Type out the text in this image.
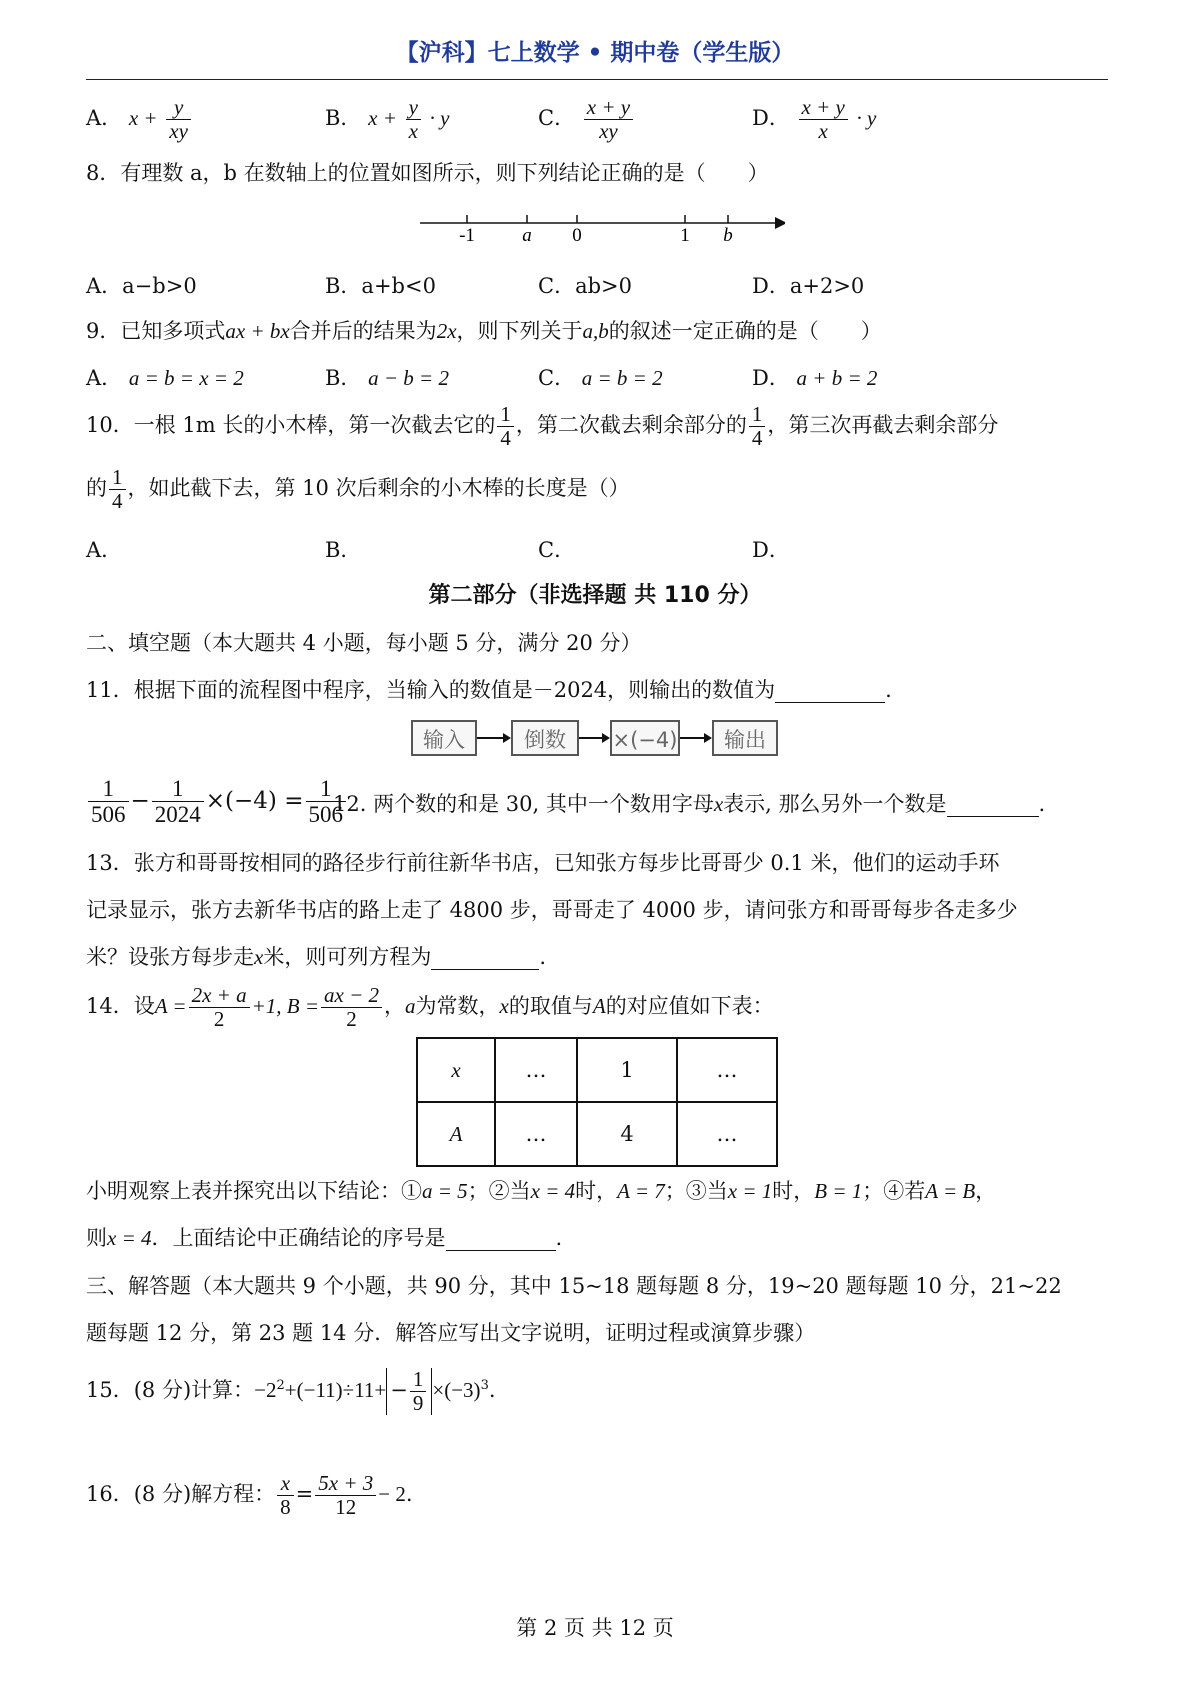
【沪科】七上数学 • 期中卷（学生版）
A． $x + \frac{y}{xy}$	B． $x + \frac{y}{x} \cdot y$	C． $\frac{x + y}{xy}$	D． $\frac{x + y}{x} \cdot y$
8．有理数 a，b 在数轴上的位置如图所示，则下列结论正确的是（　　）
-1 a 0	1 b
A．a−b>0	B．a+b<0	C．ab>0	D．a+2>0
9．已知多项式ax + bx合并后的结果为2x，则下列关于a,b的叙述一定正确的是（　　）
A． a = b = x = 2	B． a − b = 2	C． a = b = 2	D． a + b = 2
10．一根 1m 长的小木棒，第一次截去它的 $\frac{1}{4}$ ，第二次截去剩余部分的 $\frac{1}{4}$ ，第三次再截去剩余部分
的 $\frac{1}{4}$ ，如此截下去，第 10 次后剩余的小木棒的长度是（）
A．	B．	C．	D．
第二部分（非选择题 共 110 分）
二、填空题（本大题共 4 小题，每小题 5 分，满分 20 分）
11．根据下面的流程图中程序，当输入的数值是－2024，则输出的数值为	.
输入	倒数	×(−4)	输出
$\frac{1}{506} - \frac{1}{2024} \times(-4) = \frac{1}{506}$
12. 两个数的和是 30, 其中一个数用字母x表示, 那么另外一个数是	.
13．张方和哥哥按相同的路径步行前往新华书店，已知张方每步比哥哥少 0.1 米，他们的运动手环
记录显示，张方去新华书店的路上走了 4800 步，哥哥走了 4000 步，请问张方和哥哥每步各走多少
米？设张方每步走x米，则可列方程为	.
14．设$A = \frac{2x + a}{2} +1$, $B = \frac{ax - 2}{2}$ ，a为常数，x的取值与A的对应值如下表：
x	…	1	…
A	…	4	…
小明观察上表并探究出以下结论：①a = 5；②当x = 4时，A = 7；③当x = 1时，B = 1；④若A = B，
则x = 4．上面结论中正确结论的序号是	.
三、解答题（本大题共 9 个小题，共 90 分，其中 15~18 题每题 8 分，19~20 题每题 10 分，21~22
题每题 12 分，第 23 题 14 分．解答应写出文字说明，证明过程或演算步骤）
15．(8 分)计算：$-2^2+(-11)\div 11+ - \frac{1}{9} \times(-3)^3$.
16．(8 分)解方程： $\frac{x}{8} = \frac{5x + 3}{12} - 2$.
第 2 页 共 12 页
